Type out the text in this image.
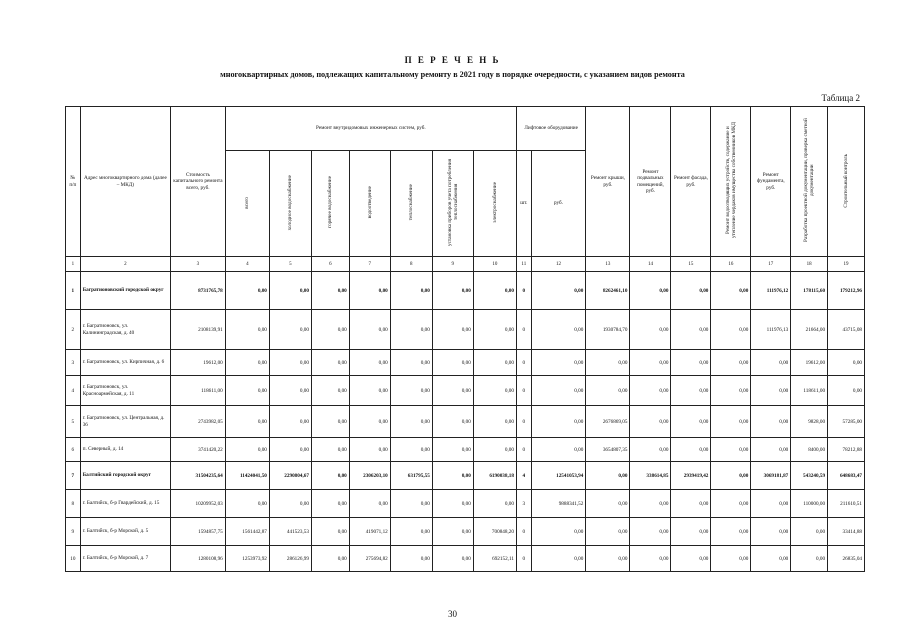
П Е Р Е Ч Е Н Ь
многоквартирных домов, подлежащих капитальному ремонту в 2021 году в порядке очередности, с указанием видов ремонта
Таблица 2
№ п/п	Адрес многоквартирного дома (далее – МКД)	Стоимость капитального ремонта всего, руб.	Ремонт внутридомовых инженерных систем, руб.							Лифтовое оборудование		Ремонт крыши, руб.	Ремонт подвальных помещений, руб.	Ремонт фасада, руб.	Ремонт водоотводящих устройств, содержание и утепление чердаков имущества собственников МКД	Ремонт фундамента, руб.	Разработка проектной документации, проверка сметной документации	Строительный контроль
			всего	холодное водоснабжение	горячее водоснабжение	водоотведение	теплоснабжение	установка приборов учета потребления теплоснабжения	электроснабжение	шт.	руб.							
1	2	3	4	5	6	7	8	9	10	11	12	13	14	15	16	17	18	19
1	Багратионовский городской округ	8731765,78	0,00	0,00	0,00	0,00	0,00	0,00	0,00	0	0,00	8262461,10	0,00	0,00	0,00	111976,12	178115,60	179212,96
2	г. Багратионовск, ул. Калининградская, д. 40	2108139,91	0,00	0,00	0,00	0,00	0,00	0,00	0,00	0	0,00	1930784,70	0,00	0,00	0,00	111976,13	21664,00	43715,08
3	г. Багратионовск, ул. Кирпичная, д. 6	19612,00	0,00	0,00	0,00	0,00	0,00	0,00	0,00	0	0,00	0,00	0,00	0,00	0,00	0,00	19612,00	0,00
4	г. Багратионовск, ул. Красноармейская, д. 11	118611,00	0,00	0,00	0,00	0,00	0,00	0,00	0,00	0	0,00	0,00	0,00	0,00	0,00	0,00	118611,00	0,00
5	г. Багратионовск, ул. Центральная, д. 36	2743982,05	0,00	0,00	0,00	0,00	0,00	0,00	0,00	0	0,00	2676869,05	0,00	0,00	0,00	0,00	9828,00	57285,00
6	п. Северный, д. 14	3741420,22	0,00	0,00	0,00	0,00	0,00	0,00	0,00	0	0,00	3654807,35	0,00	0,00	0,00	0,00	8400,00	78212,88
7	Балтийский городской округ	31504235,64	11424041,50	2290804,67	0,00	2306203,10	631795,55	0,00	6190038,18	4	12541053,94	0,00	338614,85	2939419,42	0,00	3069181,87	543240,59	648683,47
8	г. Балтийск, б-р Гвардейский, д. 15	10209952,03	0,00	0,00	0,00	0,00	0,00	0,00	0,00	3	9888341,52	0,00	0,00	0,00	0,00	0,00	110000,00	211610,51
9	г. Балтийск, б-р Морской, д. 5	1594857,75	1561442,87	441523,53	0,00	419071,12	0,00	0,00	700848,20	0	0,00	0,00	0,00	0,00	0,00	0,00	0,00	33414,88
10	г. Балтийск, б-р Морской, д. 7	1280108,96	1253973,92	286126,99	0,00	275694,82	0,00	0,00	692152,11	0	0,00	0,00	0,00	0,00	0,00	0,00	0,00	26835,04
30
